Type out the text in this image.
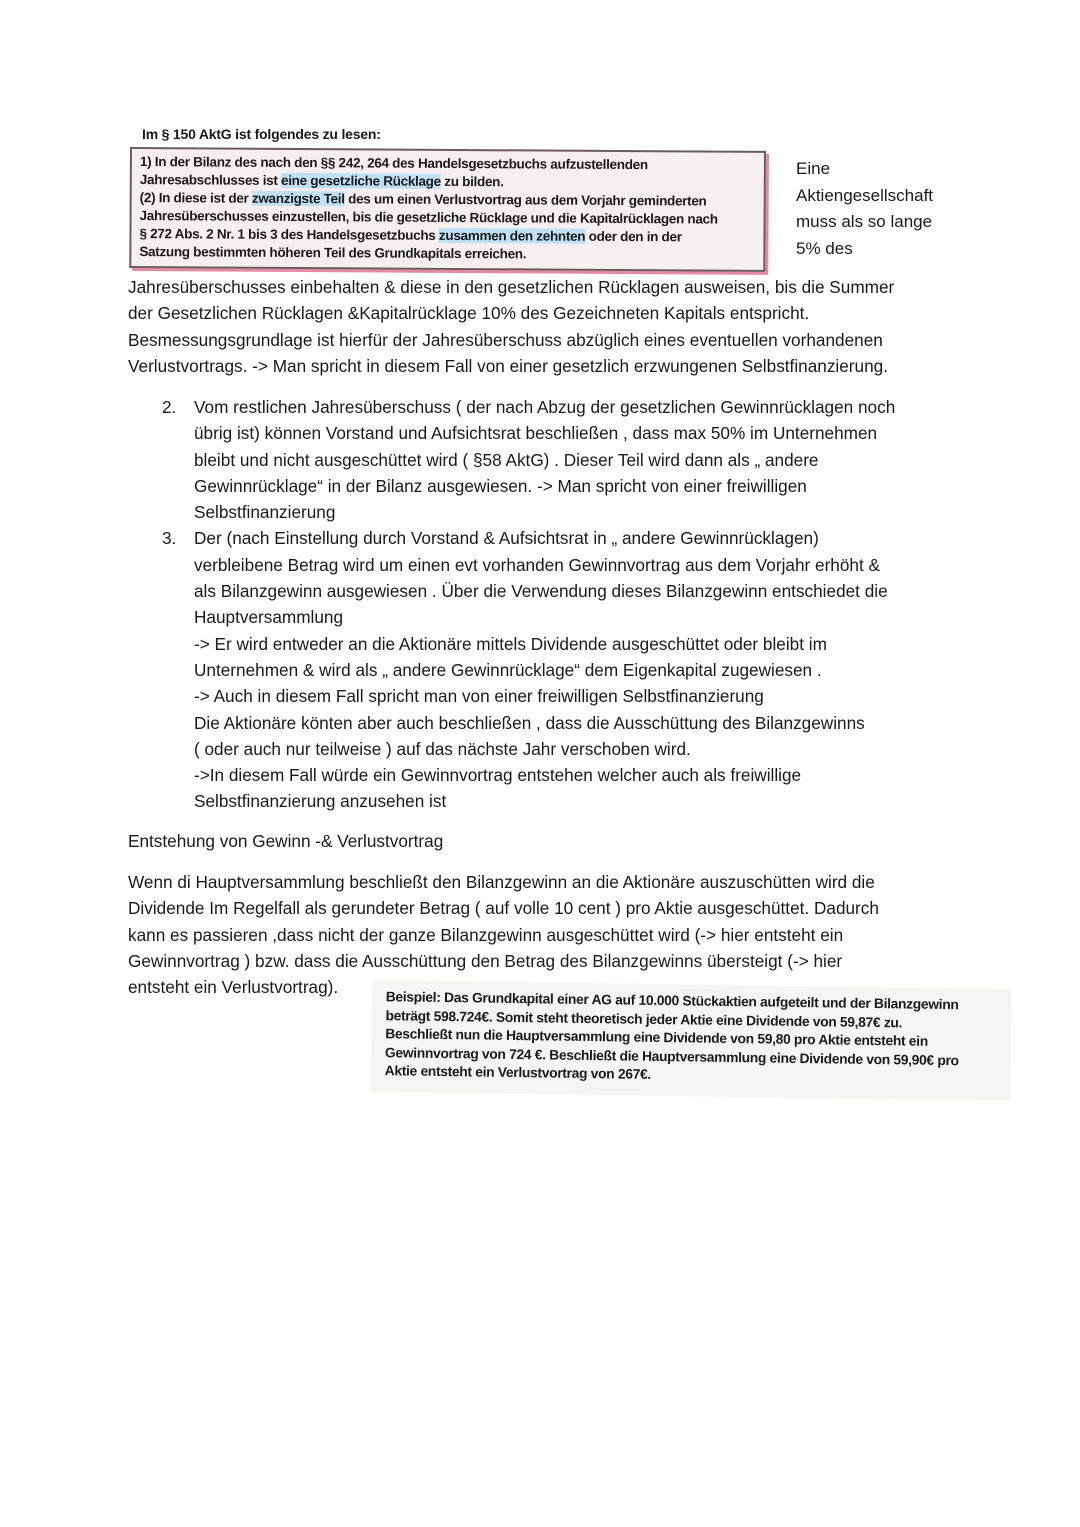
Im § 150 AktG ist folgendes zu lesen:
1) In der Bilanz des nach den §§ 242, 264 des Handelsgesetzbuchs aufzustellenden
Jahresabschlusses ist eine gesetzliche Rücklage zu bilden.
(2) In diese ist der zwanzigste Teil des um einen Verlustvortrag aus dem Vorjahr geminderten
Jahresüberschusses einzustellen, bis die gesetzliche Rücklage und die Kapitalrücklagen nach
§ 272 Abs. 2 Nr. 1 bis 3 des Handelsgesetzbuchs zusammen den zehnten oder den in der
Satzung bestimmten höheren Teil des Grundkapitals erreichen.
Eine
Aktiengesellschaft
muss als so lange
5% des
Jahresüberschusses einbehalten & diese in den gesetzlichen Rücklagen ausweisen, bis die Summer
der Gesetzlichen Rücklagen &Kapitalrücklage 10% des Gezeichneten Kapitals entspricht.
Besmessungsgrundlage ist hierfür der Jahresüberschuss abzüglich eines eventuellen vorhandenen
Verlustvortrags. -> Man spricht in diesem Fall von einer gesetzlich erzwungenen Selbstfinanzierung.
2. Vom restlichen Jahresüberschuss ( der nach Abzug der gesetzlichen Gewinnrücklagen noch
übrig ist) können Vorstand und Aufsichtsrat beschließen , dass max 50% im Unternehmen
bleibt und nicht ausgeschüttet wird ( §58 AktG) . Dieser Teil wird dann als „ andere
Gewinnrücklage“ in der Bilanz ausgewiesen. -> Man spricht von einer freiwilligen
Selbstfinanzierung
3. Der (nach Einstellung durch Vorstand & Aufsichtsrat in „ andere Gewinnrücklagen)
verbleibene Betrag wird um einen evt vorhanden Gewinnvortrag aus dem Vorjahr erhöht &
als Bilanzgewinn ausgewiesen . Über die Verwendung dieses Bilanzgewinn entschiedet die
Hauptversammlung
-> Er wird entweder an die Aktionäre mittels Dividende ausgeschüttet oder bleibt im
Unternehmen & wird als „ andere Gewinnrücklage“ dem Eigenkapital zugewiesen .
-> Auch in diesem Fall spricht man von einer freiwilligen Selbstfinanzierung
Die Aktionäre könten aber auch beschließen , dass die Ausschüttung des Bilanzgewinns
( oder auch nur teilweise ) auf das nächste Jahr verschoben wird.
->In diesem Fall würde ein Gewinnvortrag entstehen welcher auch als freiwillige
Selbstfinanzierung anzusehen ist
Entstehung von Gewinn -& Verlustvortrag
Wenn di Hauptversammlung beschließt den Bilanzgewinn an die Aktionäre auszuschütten wird die
Dividende Im Regelfall als gerundeter Betrag ( auf volle 10 cent ) pro Aktie ausgeschüttet. Dadurch
kann es passieren ,dass nicht der ganze Bilanzgewinn ausgeschüttet wird (-> hier entsteht ein
Gewinnvortrag ) bzw. dass die Ausschüttung den Betrag des Bilanzgewinns übersteigt (-> hier
entsteht ein Verlustvortrag).	Beispiel: Das Grundkapital einer AG auf 10.000 Stückaktien aufgeteilt und der Bilanzgewinn
beträgt 598.724€. Somit steht theoretisch jeder Aktie eine Dividende von 59,87€ zu.
Beschließt nun die Hauptversammlung eine Dividende von 59,80 pro Aktie entsteht ein
Gewinnvortrag von 724 €. Beschließt die Hauptversammlung eine Dividende von 59,90€ pro
Aktie entsteht ein Verlustvortrag von 267€.
